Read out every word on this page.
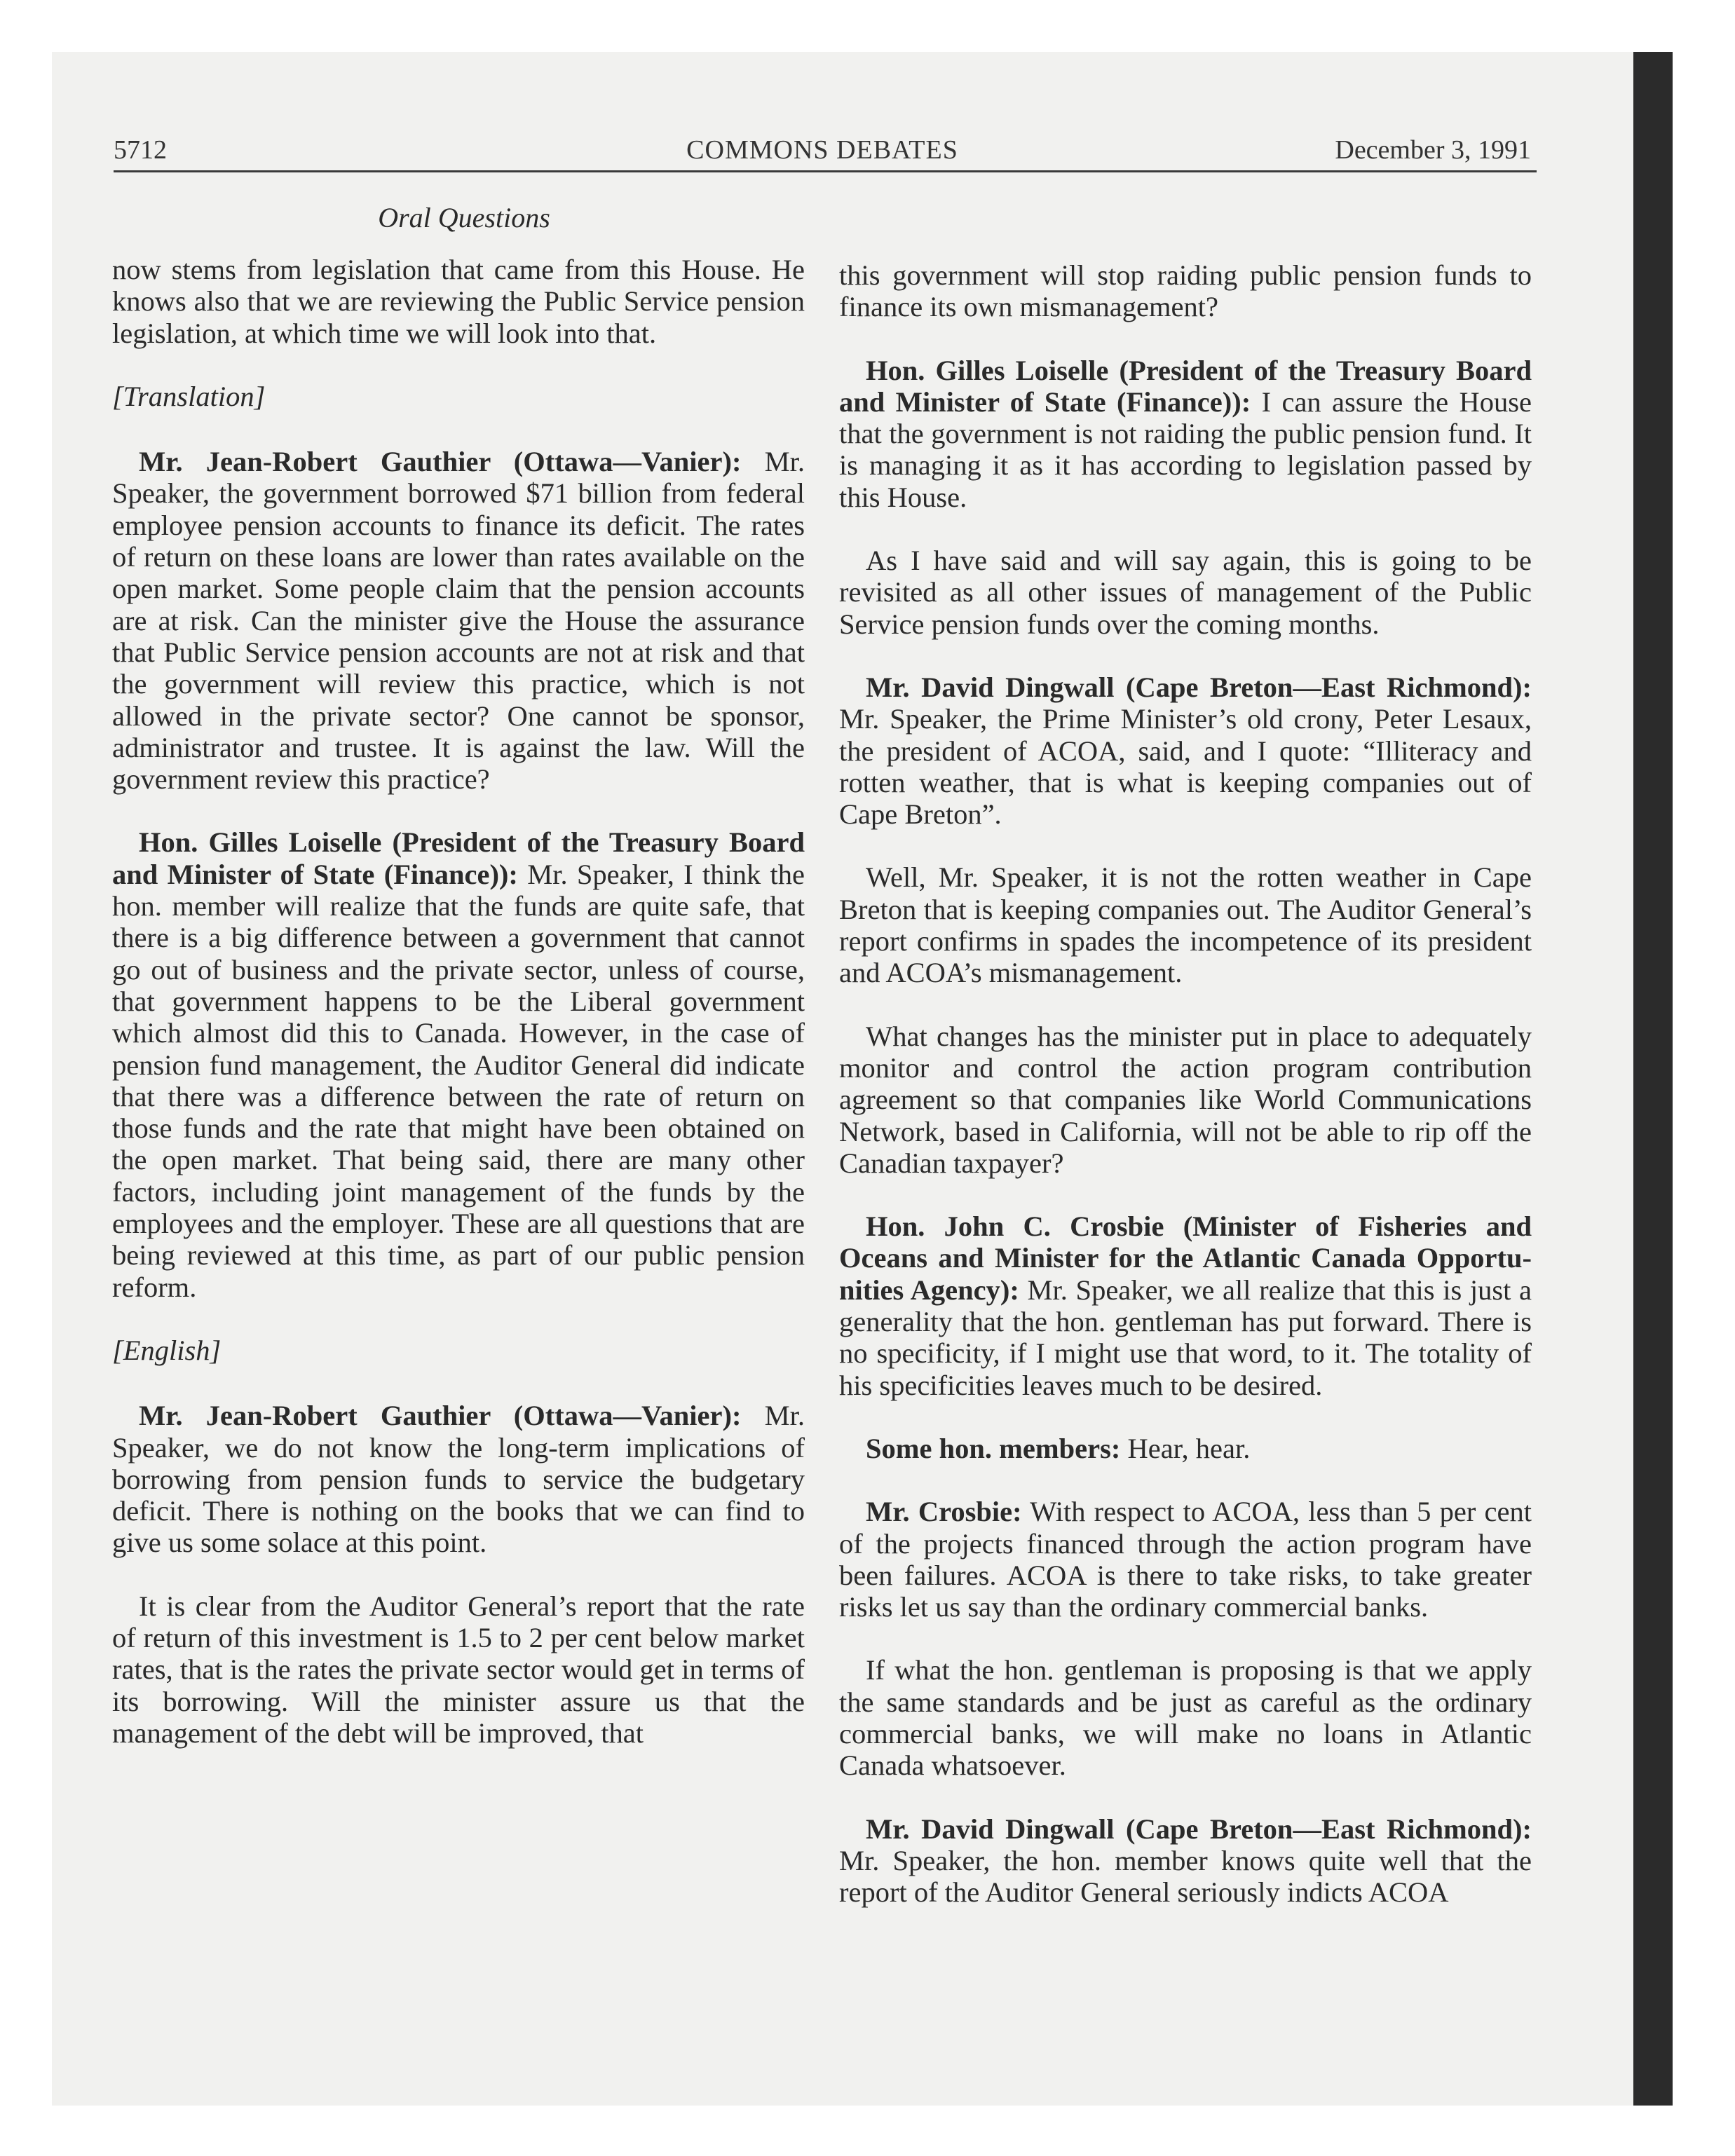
5712	COMMONS DEBATES	December 3, 1991
Oral Questions

now stems from legislation that came from this House. He knows also that we are reviewing the Public Service pension legislation, at which time we will look into that.

[Translation]

Mr. Jean-Robert Gauthier (Ottawa—Vanier): Mr. Speaker, the government borrowed $71 billion from federal employee pension accounts to finance its deficit. The rates of return on these loans are lower than rates available on the open market. Some people claim that the pension accounts are at risk. Can the minister give the House the assurance that Public Service pension accounts are not at risk and that the government will review this practice, which is not allowed in the private sector? One cannot be sponsor, administrator and trustee. It is against the law. Will the government review this practice?

Hon. Gilles Loiselle (President of the Treasury Board and Minister of State (Finance)): Mr. Speaker, I think the hon. member will realize that the funds are quite safe, that there is a big difference between a government that cannot go out of business and the private sector, unless of course, that government happens to be the Liberal government which almost did this to Canada. However, in the case of pension fund management, the Auditor General did indicate that there was a difference between the rate of return on those funds and the rate that might have been obtained on the open market. That being said, there are many other factors, including joint management of the funds by the employees and the employer. These are all questions that are being reviewed at this time, as part of our public pension reform.

[English]

Mr. Jean-Robert Gauthier (Ottawa—Vanier): Mr. Speaker, we do not know the long-term implications of borrowing from pension funds to service the budgetary deficit. There is nothing on the books that we can find to give us some solace at this point.

It is clear from the Auditor General’s report that the rate of return of this investment is 1.5 to 2 per cent below market rates, that is the rates the private sector would get in terms of its borrowing. Will the minister assure us that the management of the debt will be improved, that

this government will stop raiding public pension funds to finance its own mismanagement?

Hon. Gilles Loiselle (President of the Treasury Board and Minister of State (Finance)): I can assure the House that the government is not raiding the public pension fund. It is managing it as it has according to legislation passed by this House.

As I have said and will say again, this is going to be revisited as all other issues of management of the Public Service pension funds over the coming months.

Mr. David Dingwall (Cape Breton—East Richmond): Mr. Speaker, the Prime Minister’s old crony, Peter Lesaux, the president of ACOA, said, and I quote: “Illiteracy and rotten weather, that is what is keeping companies out of Cape Breton”.

Well, Mr. Speaker, it is not the rotten weather in Cape Breton that is keeping companies out. The Auditor General’s report confirms in spades the incompetence of its president and ACOA’s mismanagement.

What changes has the minister put in place to adequately monitor and control the action program contribution agreement so that companies like World Communications Network, based in California, will not be able to rip off the Canadian taxpayer?

Hon. John C. Crosbie (Minister of Fisheries and Oceans and Minister for the Atlantic Canada Opportunities Agency): Mr. Speaker, we all realize that this is just a generality that the hon. gentleman has put forward. There is no specificity, if I might use that word, to it. The totality of his specificities leaves much to be desired.

Some hon. members: Hear, hear.

Mr. Crosbie: With respect to ACOA, less than 5 per cent of the projects financed through the action program have been failures. ACOA is there to take risks, to take greater risks let us say than the ordinary commercial banks.

If what the hon. gentleman is proposing is that we apply the same standards and be just as careful as the ordinary commercial banks, we will make no loans in Atlantic Canada whatsoever.

Mr. David Dingwall (Cape Breton—East Richmond): Mr. Speaker, the hon. member knows quite well that the report of the Auditor General seriously indicts ACOA
